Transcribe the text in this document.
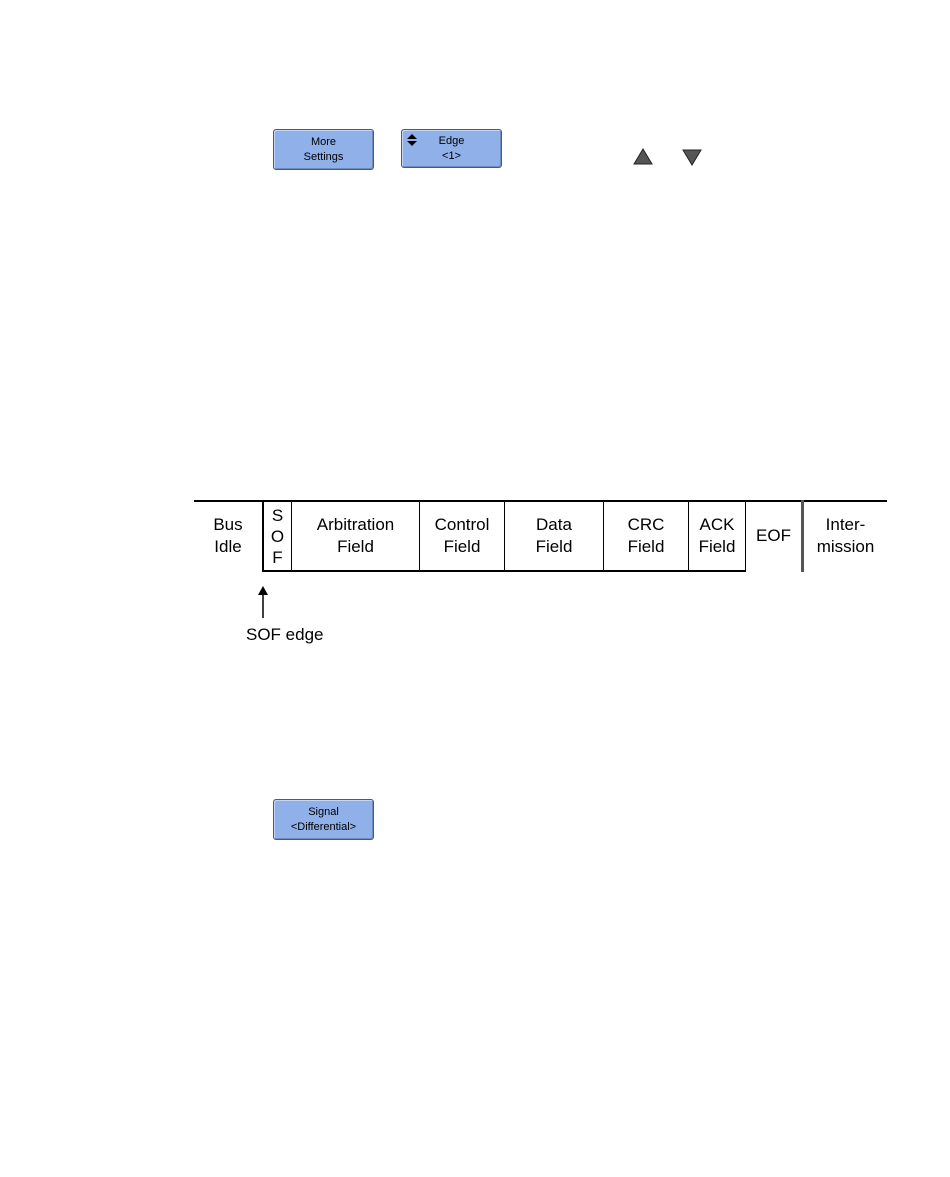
More
Settings
Edge
<1>
Bus
Idle
S
O
F
Arbitration
Field
Control
Field
Data
Field
CRC
Field
ACK
Field
EOF
Inter-
mission
SOF edge
Signal
<Differential>
